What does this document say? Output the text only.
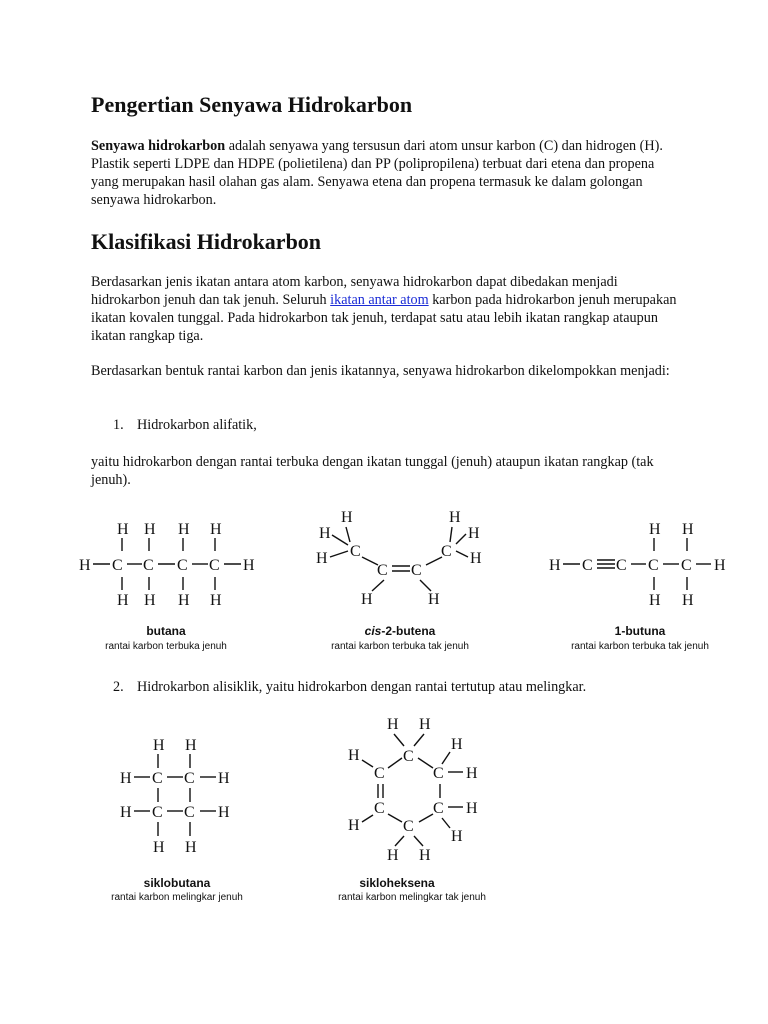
Pengertian Senyawa Hidrokarbon

Senyawa hidrokarbon adalah senyawa yang tersusun dari atom unsur karbon (C) dan hidrogen (H). Plastik seperti LDPE dan HDPE (polietilena) dan PP (polipropilena) terbuat dari etena dan propena yang merupakan hasil olahan gas alam. Senyawa etena dan propena termasuk ke dalam golongan senyawa hidrokarbon.

Klasifikasi Hidrokarbon

Berdasarkan jenis ikatan antara atom karbon, senyawa hidrokarbon dapat dibedakan menjadi hidrokarbon jenuh dan tak jenuh. Seluruh ikatan antar atom karbon pada hidrokarbon jenuh merupakan ikatan kovalen tunggal. Pada hidrokarbon tak jenuh, terdapat satu atau lebih ikatan rangkap ataupun ikatan rangkap tiga.

Berdasarkan bentuk rantai karbon dan jenis ikatannya, senyawa hidrokarbon dikelompokkan menjadi:

1. Hidrokarbon alifatik,

yaitu hidrokarbon dengan rantai terbuka dengan ikatan tunggal (jenuh) ataupun ikatan rangkap (tak jenuh).

H H H H
H C C C C H
H H H H
butana
rantai karbon terbuka jenuh
H
H
H C
C C
C
H
H
H
H	H
cis-2-butena
rantai karbon terbuka tak jenuh
H H
H C C C C H
H H
1-butuna
rantai karbon terbuka tak jenuh

2. Hidrokarbon alisiklik, yaitu hidrokarbon dengan rantai tertutup atau melingkar.

H H
H C C H
H C C H
H H
siklobutana
rantai karbon melingkar jenuh
H H
C
H
C
H
C H
C	C H
H	C
H
H H
sikloheksena
rantai karbon melingkar tak jenuh
